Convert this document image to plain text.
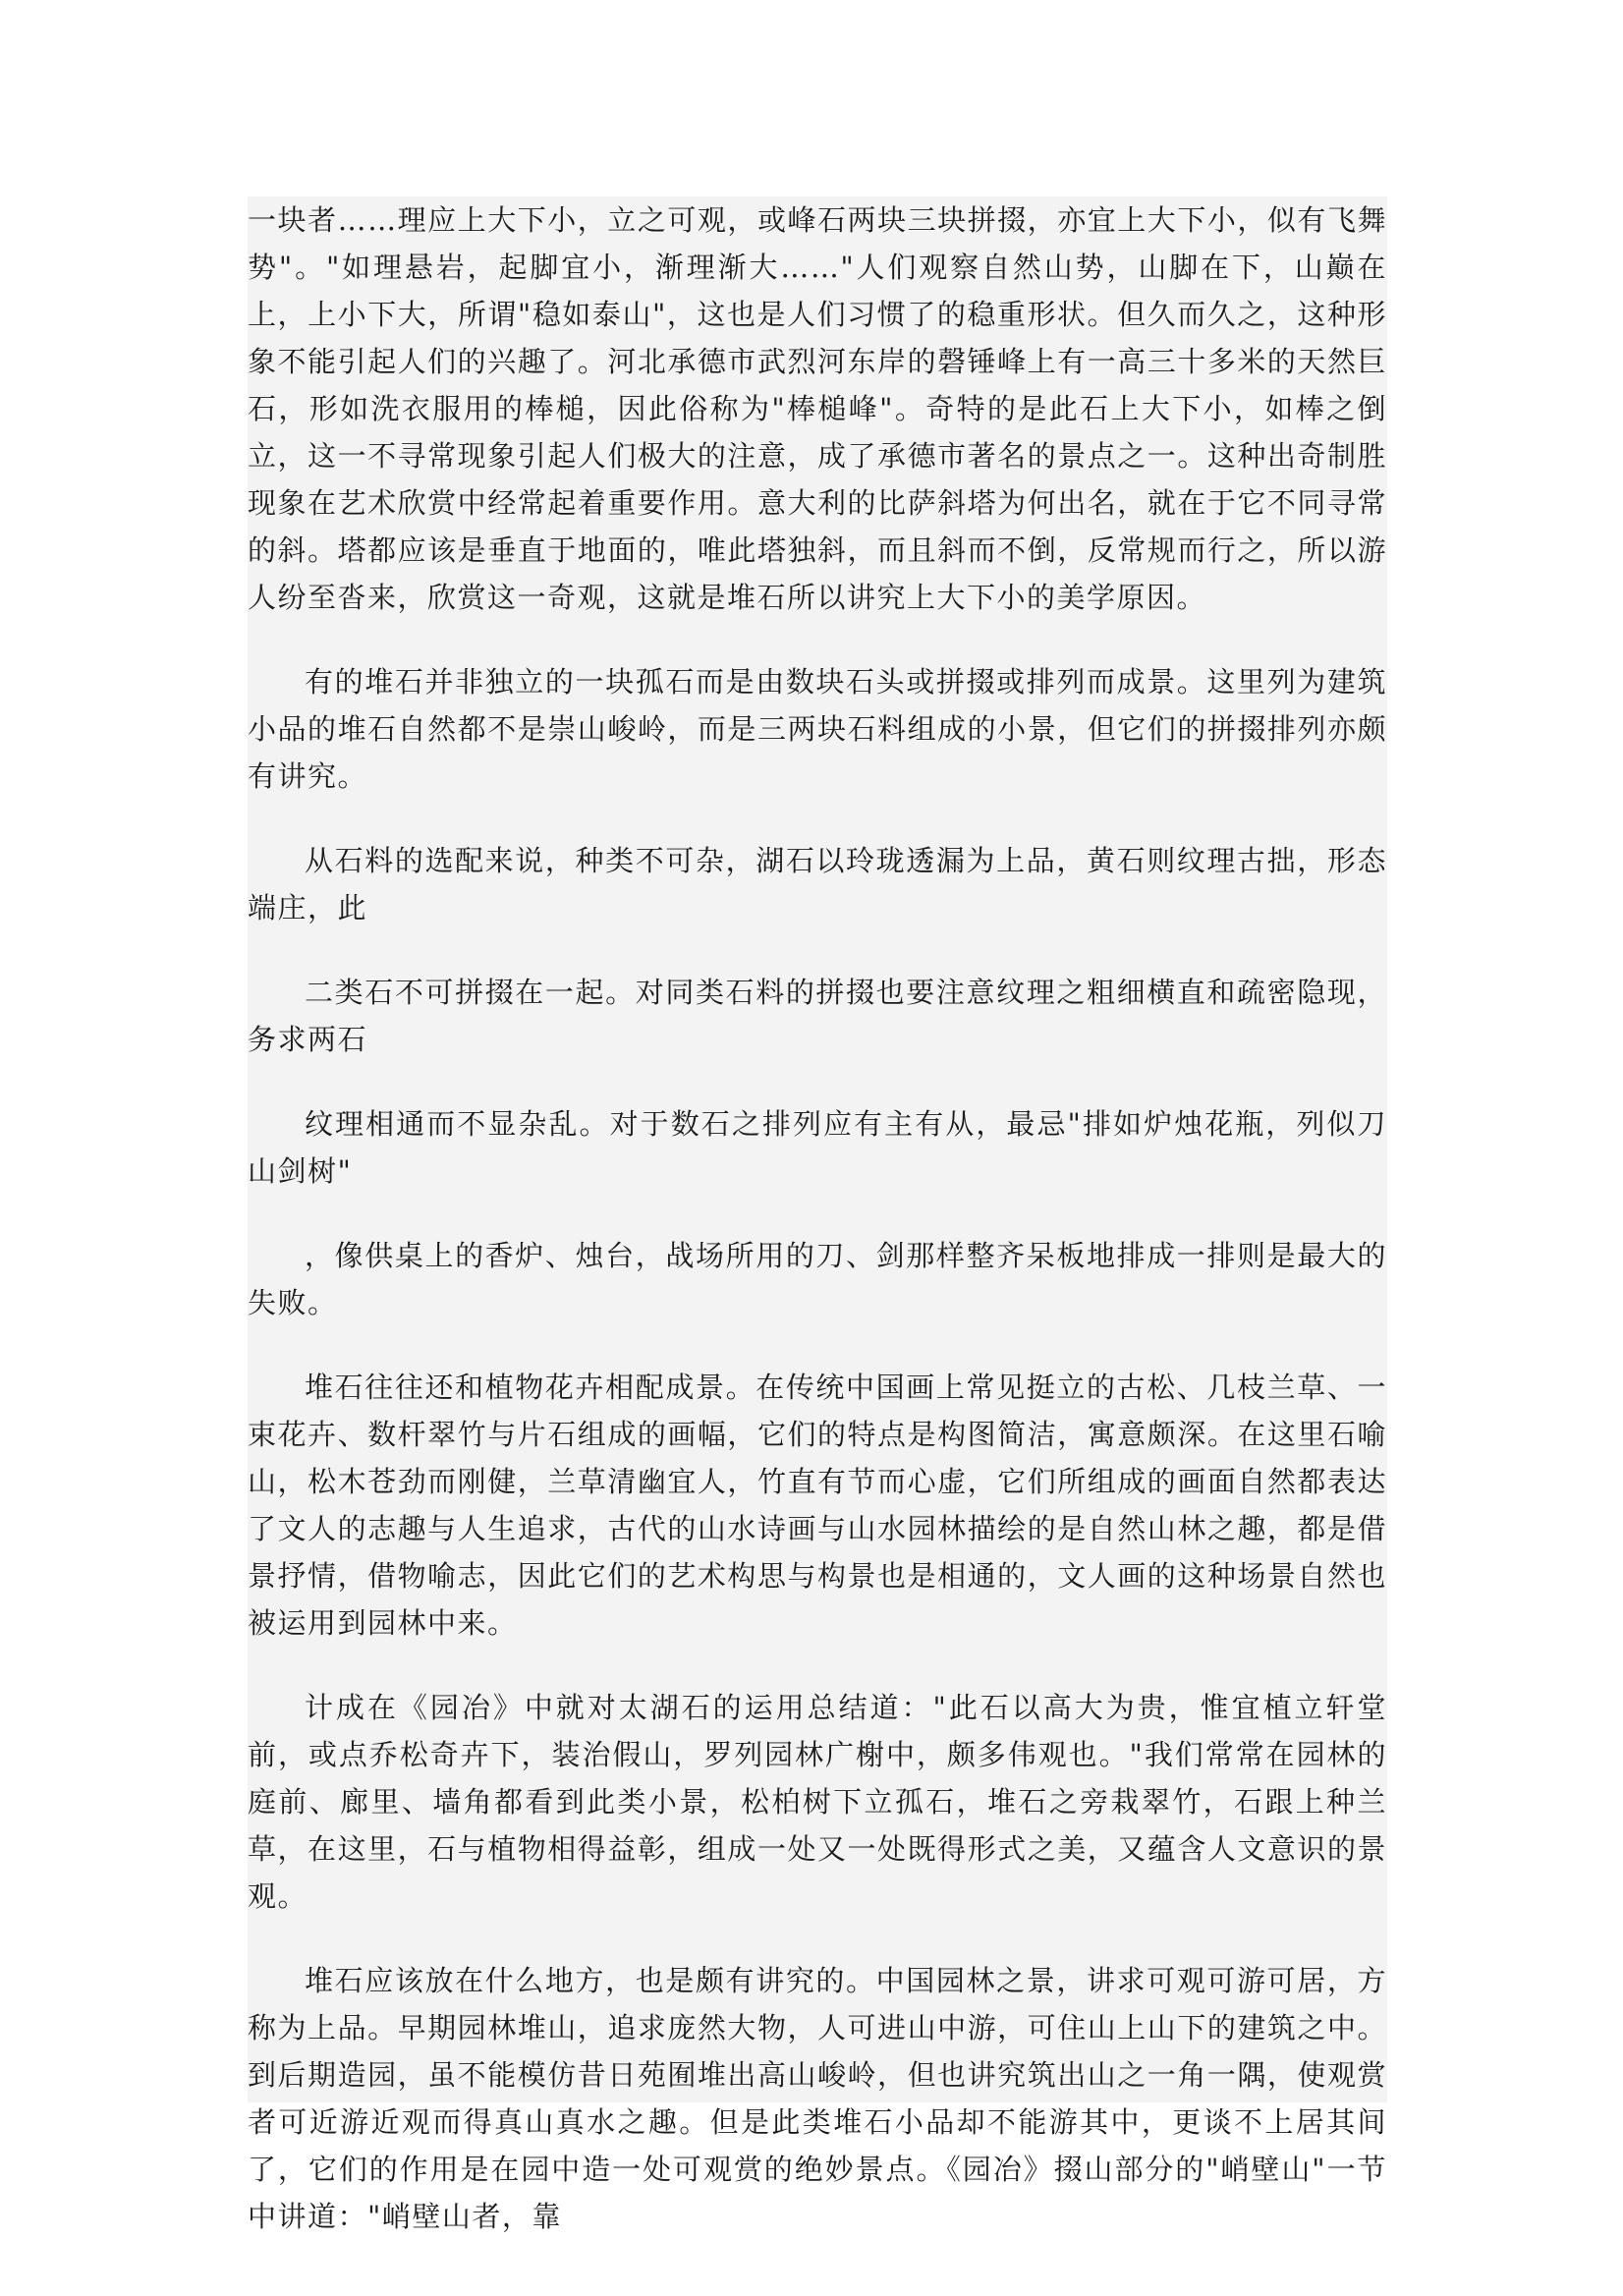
一块者……理应上大下小，立之可观，或峰石两块三块拼掇，亦宜上大下小，似有飞舞势"。"如理悬岩，起脚宜小，渐理渐大……"人们观察自然山势，山脚在下，山巅在上，上小下大，所谓"稳如泰山"，这也是人们习惯了的稳重形状。但久而久之，这种形象不能引起人们的兴趣了。河北承德市武烈河东岸的磬锤峰上有一高三十多米的天然巨石，形如洗衣服用的棒槌，因此俗称为"棒槌峰"。奇特的是此石上大下小，如棒之倒立，这一不寻常现象引起人们极大的注意，成了承德市著名的景点之一。这种出奇制胜现象在艺术欣赏中经常起着重要作用。意大利的比萨斜塔为何出名，就在于它不同寻常的斜。塔都应该是垂直于地面的，唯此塔独斜，而且斜而不倒，反常规而行之，所以游人纷至沓来，欣赏这一奇观，这就是堆石所以讲究上大下小的美学原因。

有的堆石并非独立的一块孤石而是由数块石头或拼掇或排列而成景。这里列为建筑小品的堆石自然都不是崇山峻岭，而是三两块石料组成的小景，但它们的拼掇排列亦颇有讲究。

从石料的选配来说，种类不可杂，湖石以玲珑透漏为上品，黄石则纹理古拙，形态端庄，此

二类石不可拼掇在一起。对同类石料的拼掇也要注意纹理之粗细横直和疏密隐现，务求两石

纹理相通而不显杂乱。对于数石之排列应有主有从，最忌"排如炉烛花瓶，列似刀山剑树"

，像供桌上的香炉、烛台，战场所用的刀、剑那样整齐呆板地排成一排则是最大的失败。

堆石往往还和植物花卉相配成景。在传统中国画上常见挺立的古松、几枝兰草、一束花卉、数杆翠竹与片石组成的画幅，它们的特点是构图简洁，寓意颇深。在这里石喻山，松木苍劲而刚健，兰草清幽宜人，竹直有节而心虚，它们所组成的画面自然都表达了文人的志趣与人生追求，古代的山水诗画与山水园林描绘的是自然山林之趣，都是借景抒情，借物喻志，因此它们的艺术构思与构景也是相通的，文人画的这种场景自然也被运用到园林中来。

计成在《园冶》中就对太湖石的运用总结道："此石以高大为贵，惟宜植立轩堂前，或点乔松奇卉下，装治假山，罗列园林广榭中，颇多伟观也。"我们常常在园林的庭前、廊里、墙角都看到此类小景，松柏树下立孤石，堆石之旁栽翠竹，石跟上种兰草，在这里，石与植物相得益彰，组成一处又一处既得形式之美，又蕴含人文意识的景观。

堆石应该放在什么地方，也是颇有讲究的。中国园林之景，讲求可观可游可居，方称为上品。早期园林堆山，追求庞然大物，人可进山中游，可住山上山下的建筑之中。到后期造园，虽不能模仿昔日苑囿堆出高山峻岭，但也讲究筑出山之一角一隅，使观赏者可近游近观而得真山真水之趣。但是此类堆石小品却不能游其中，更谈不上居其间了，它们的作用是在园中造一处可观赏的绝妙景点。《园冶》掇山部分的"峭壁山"一节中讲道："峭壁山者，靠
